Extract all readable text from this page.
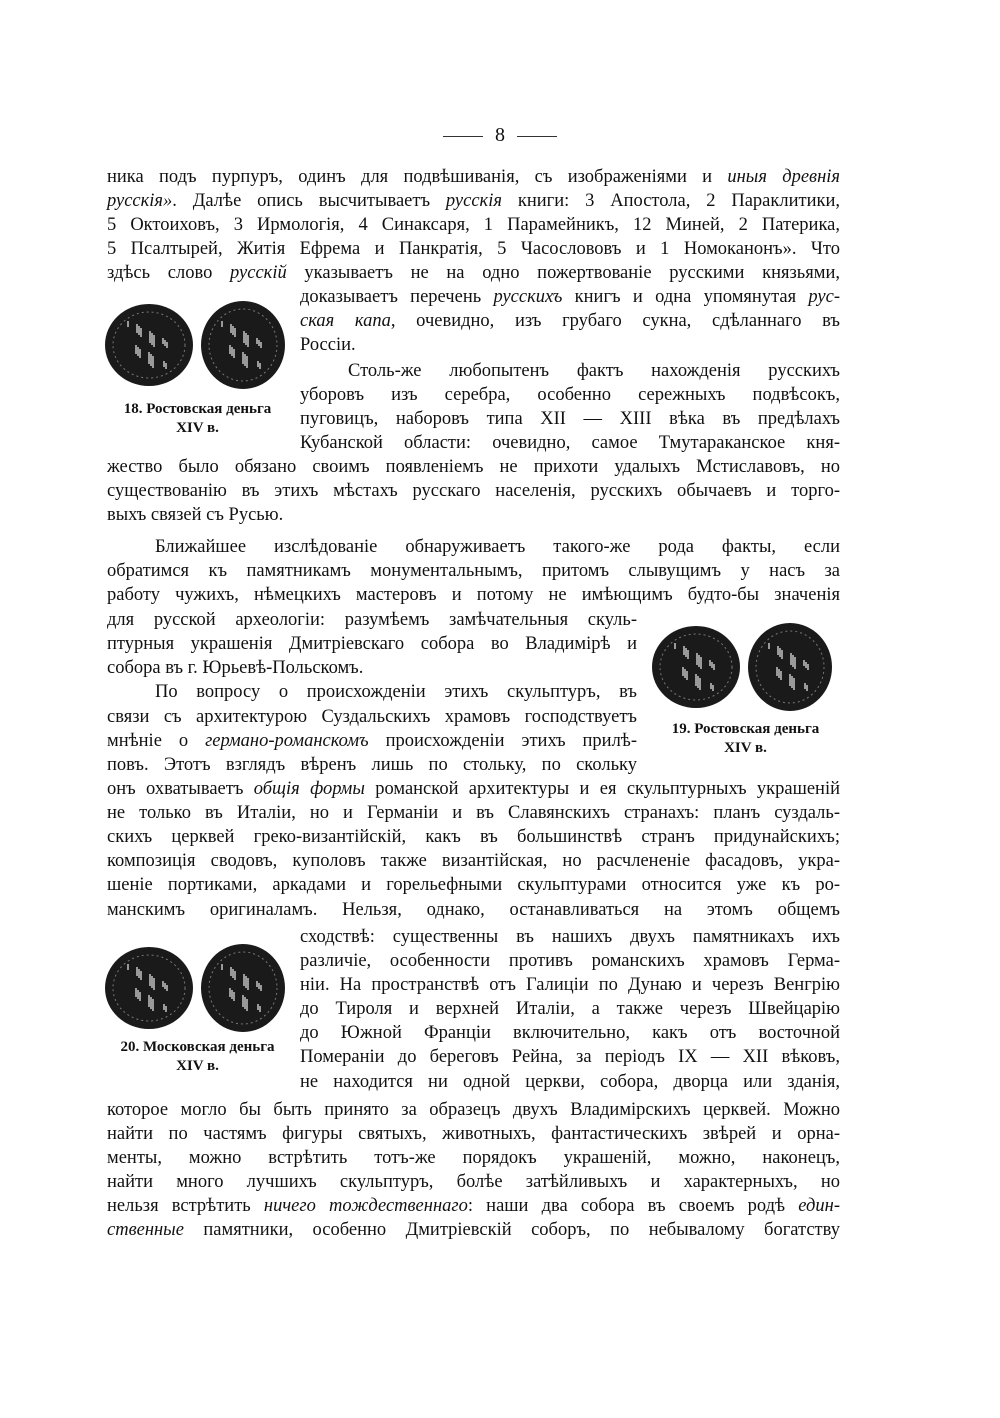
8
ника подъ пурпуръ, одинъ для подвѣшиванія, съ изображеніями и иныя древнія
русскія». Далѣе опись высчитываетъ русскія книги: 3 Апостола, 2 Параклитики,
5 Октоиховъ, 3 Ирмологія, 4 Синаксаря, 1 Парамейникъ, 12 Миней, 2 Патерика,
5 Псалтырей, Житія Ефрема и Панкратія, 5 Часослововъ и 1 Номоканонъ». Что
здѣсь слово русскій указываетъ не на одно пожертвованіе русскими князьями,
доказываетъ перечень русскихъ книгъ и одна упомянутая рус-
ская капа, очевидно, изъ грубаго сукна, сдѣланнаго въ
Россіи.
Столь-же любопытенъ фактъ нахожденія русскихъ
уборовъ изъ серебра, особенно сережныхъ подвѣсокъ,
пуговицъ, наборовъ типа XII — XIII вѣка въ предѣлахъ
Кубанской области: очевидно, самое Тмутараканское кня-
жество было обязано своимъ появленіемъ не прихоти удалыхъ Мстиславовъ, но
существованію въ этихъ мѣстахъ русскаго населенія, русскихъ обычаевъ и торго-
выхъ связей съ Русью.
Ближайшее изслѣдованіе обнаруживаетъ такого-же рода факты, если
обратимся къ памятникамъ монументальнымъ, притомъ слывущимъ у насъ за
работу чужихъ, нѣмецкихъ мастеровъ и потому не имѣющимъ будто-бы значенія
для русской археологіи: разумѣемъ замѣчательныя скуль-
птурныя украшенія Дмитріевскаго собора во Владимірѣ и
собора въ г. Юрьевѣ-Польскомъ.
По вопросу о происхожденіи этихъ скульптуръ, въ
связи съ архитектурою Суздальскихъ храмовъ господствуетъ
мнѣніе о германо-романскомъ происхожденіи этихъ прилѣ-
повъ. Этотъ взглядъ вѣренъ лишь по стольку, по скольку
онъ охватываетъ общія формы романской архитектуры и ея скульптурныхъ украшеній
не только въ Италіи, но и Германіи и въ Славянскихъ странахъ: планъ суздаль-
скихъ церквей греко-византійскій, какъ въ большинствѣ странъ придунайскихъ;
композиція сводовъ, куполовъ также византійская, но расчлененіе фасадовъ, укра-
шеніе портиками, аркадами и горельефными скульптурами относится уже къ ро-
манскимъ оригиналамъ. Нельзя, однако, останавливаться на этомъ общемъ
сходствѣ: существенны въ нашихъ двухъ памятникахъ ихъ
различіе, особенности противъ романскихъ храмовъ Герма-
ніи. На пространствѣ отъ Галиціи по Дунаю и черезъ Венгрію
до Тироля и верхней Италіи, а также черезъ Швейцарію
до Южной Франціи включительно, какъ отъ восточной
Помераніи до береговъ Рейна, за періодъ IX — XII вѣковъ,
не находится ни одной церкви, собора, дворца или зданія,
которое могло бы быть принято за образецъ двухъ Владимірскихъ церквей. Можно
найти по частямъ фигуры святыхъ, животныхъ, фантастическихъ звѣрей и орна-
менты, можно встрѣтить тотъ-же порядокъ украшеній, можно, наконецъ,
найти много лучшихъ скульптуръ, болѣе затѣйливыхъ и характерныхъ, но
нельзя встрѣтить ничего тождественнаго: наши два собора въ своемъ родѣ един-
ственные памятники, особенно Дмитріевскій соборъ, по небывалому богатству
18. Ростовская деньга
XIV в.
19. Ростовская деньга
XIV в.
20. Московская деньга
XIV в.
